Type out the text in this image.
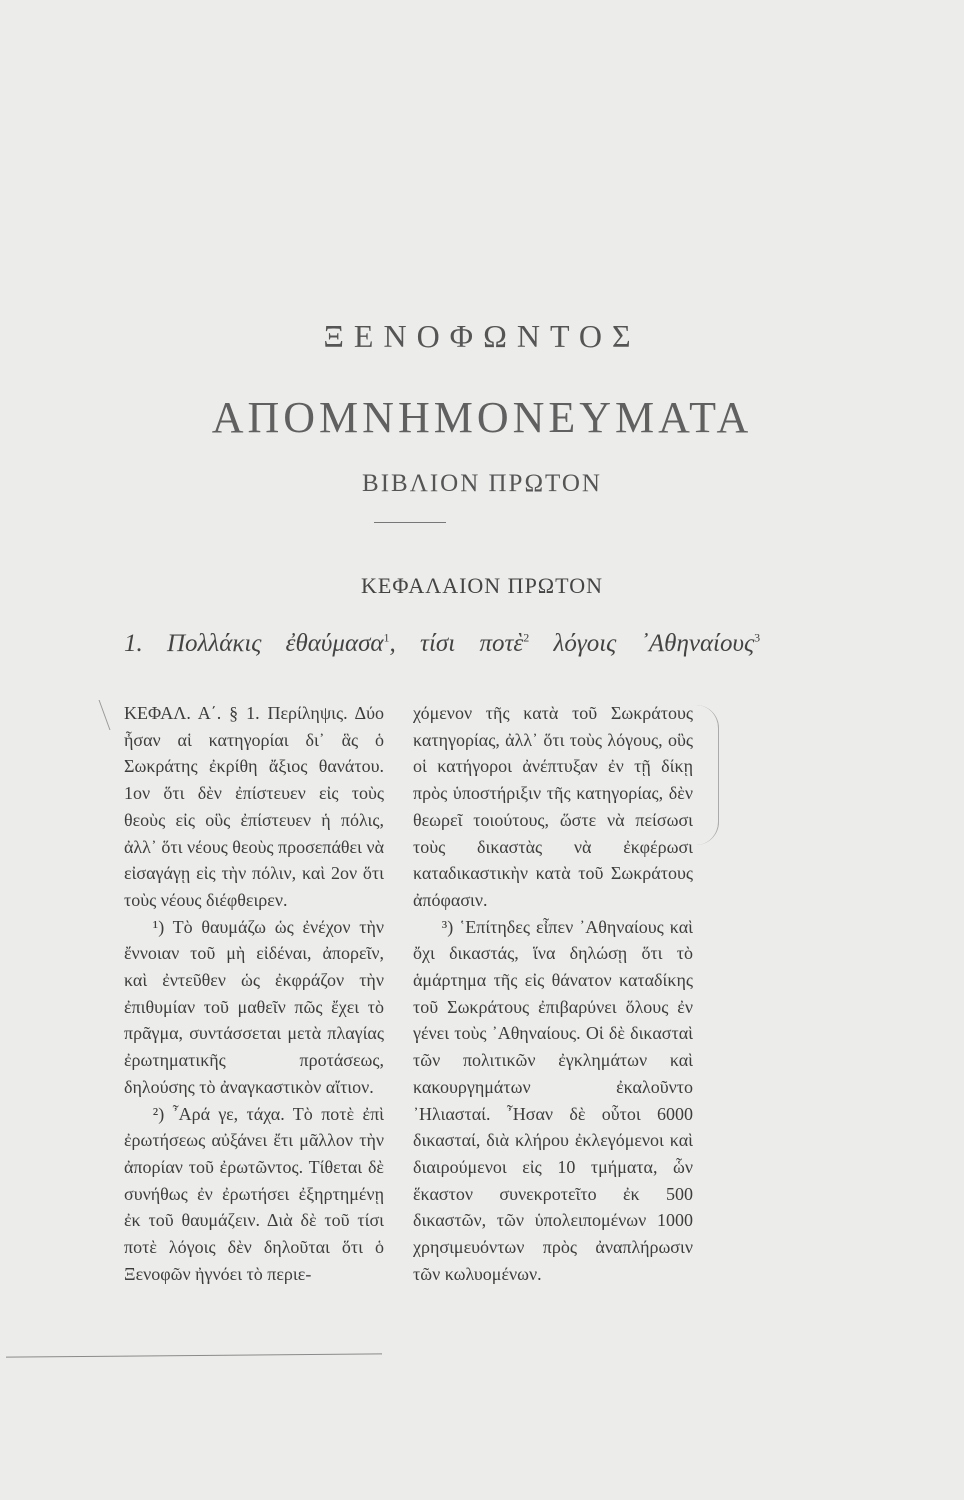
ΞΕΝΟΦΩΝΤΟΣ
ΑΠΟΜΝΗΜΟΝΕΥΜΑΤΑ
ΒΙΒΛΙΟΝ ΠΡΩΤΟΝ
ΚΕΦΑΛΑΙΟΝ ΠΡΩΤΟΝ
1. Πολλάκις ἐθαύμασα$^1$, τίσι ποτὲ$^2$ λόγοις ᾿Αθηναίους$^3$

ΚΕΦΑΛ. Α΄. § 1. Περίληψις. Δύο ἦσαν αἱ κατηγορίαι δι᾿ ἃς ὁ Σωκράτης ἐκρίθη ἄξιος θανάτου. 1ον ὅτι δὲν ἐπίστευεν εἰς τοὺς θεοὺς εἰς οὓς ἐπίστευεν ἡ πόλις, ἀλλ᾿ ὅτι νέους θεοὺς προσεπάθει νὰ εἰσαγάγῃ εἰς τὴν πόλιν, καὶ 2ον ὅτι τοὺς νέους διέφθειρεν.

¹) Τὸ θαυμάζω ὡς ἐνέχον τὴν ἔννοιαν τοῦ μὴ εἰδέναι, ἀπορεῖν, καὶ ἐντεῦθεν ὡς ἐκφράζον τὴν ἐπιθυμίαν τοῦ μαθεῖν πῶς ἔχει τὸ πρᾶγμα, συντάσσεται μετὰ πλαγίας ἐρωτηματικῆς προτάσεως, δηλούσης τὸ ἀναγκαστικὸν αἴτιον.

²) ῏Αρά γε, τάχα. Τὸ ποτὲ ἐπὶ ἐρωτήσεως αὐξάνει ἔτι μᾶλλον τὴν ἀπορίαν τοῦ ἐρωτῶντος. Τίθεται δὲ συνήθως ἐν ἐρωτήσει ἐξηρτημένῃ ἐκ τοῦ θαυμάζειν. Διὰ δὲ τοῦ τίσι ποτὲ λόγοις δὲν δηλοῦται ὅτι ὁ Ξενοφῶν ἠγνόει τὸ περιε-

χόμενον τῆς κατὰ τοῦ Σωκράτους κατηγορίας, ἀλλ᾿ ὅτι τοὺς λόγους, οὓς οἱ κατήγοροι ἀνέπτυξαν ἐν τῇ δίκῃ πρὸς ὑποστήριξιν τῆς κατηγορίας, δὲν θεωρεῖ τοιούτους, ὥστε νὰ πείσωσι τοὺς δικαστὰς νὰ ἐκφέρωσι καταδικαστικὴν κατὰ τοῦ Σωκράτους ἀπόφασιν.

³) ῾Επίτηδες εἶπεν ᾿Αθηναίους καὶ ὄχι δικαστάς, ἵνα δηλώσῃ ὅτι τὸ ἁμάρτημα τῆς εἰς θάνατον καταδίκης τοῦ Σωκράτους ἐπιβαρύνει ὅλους ἐν γένει τοὺς ᾿Αθηναίους. Οἱ δὲ δικασταὶ τῶν πολιτικῶν ἐγκλημάτων καὶ κακουργημάτων ἐκαλοῦντο ᾿Ηλιασταί. ῏Ησαν δὲ οὗτοι 6000 δικασταί, διὰ κλήρου ἐκλεγόμενοι καὶ διαιρούμενοι εἰς 10 τμήματα, ὧν ἕκαστον συνεκροτεῖτο ἐκ 500 δικαστῶν, τῶν ὑπολειπομένων 1000 χρησιμευόντων πρὸς ἀναπλήρωσιν τῶν κωλυομένων.
